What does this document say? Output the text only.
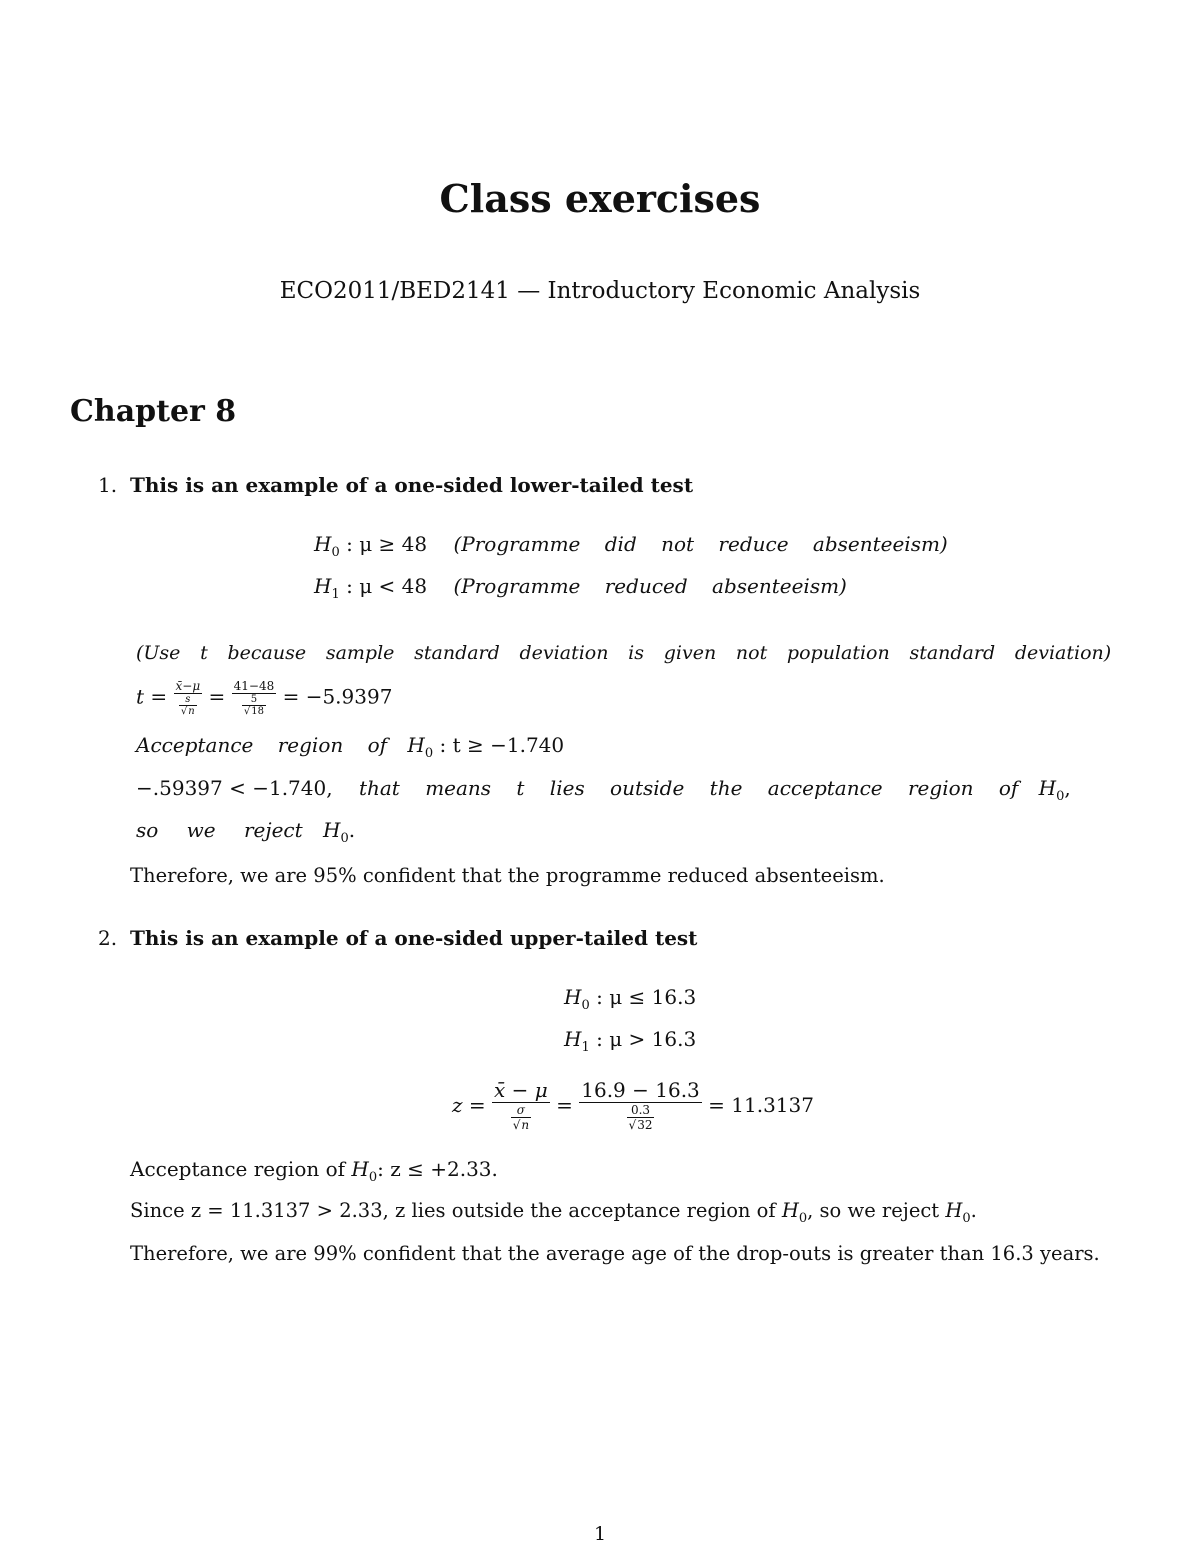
Class exercises
ECO2011/BED2141 — Introductory Economic Analysis
Chapter 8
1. This is an example of a one-sided lower-tailed test
$H_0$ : μ ≥ 48 (Programme did not reduce absenteeism)
$H_1$ : μ < 48 (Programme reduced absenteeism)
(Use t because sample standard deviation is given not population standard deviation)
$t = \frac{x̄-\mu}{\frac{s}{√n}} = \frac{41-48}{\frac{5}{√18}} = -5.9397$
Acceptance region of $H_0$ : t ≥ −1.740
−.59397 < −1.740, that means t lies outside the acceptance region of $H_0$,
so we reject $H_0$.
Therefore, we are 95% confident that the programme reduced absenteeism.
2. This is an example of a one-sided upper-tailed test
$H_0$ : μ ≤ 16.3
$H_1$ : μ > 16.3
$z = \frac{x̄ - \mu}{\frac{\sigma}{√n}} = \frac{16.9 - 16.3}{\frac{0.3}{√32}} = 11.3137$
Acceptance region of $H_0$: z ≤ +2.33.
Since z = 11.3137 > 2.33, z lies outside the acceptance region of $H_0$, so we reject $H_0$.
Therefore, we are 99% confident that the average age of the drop-outs is greater than 16.3 years.
1
